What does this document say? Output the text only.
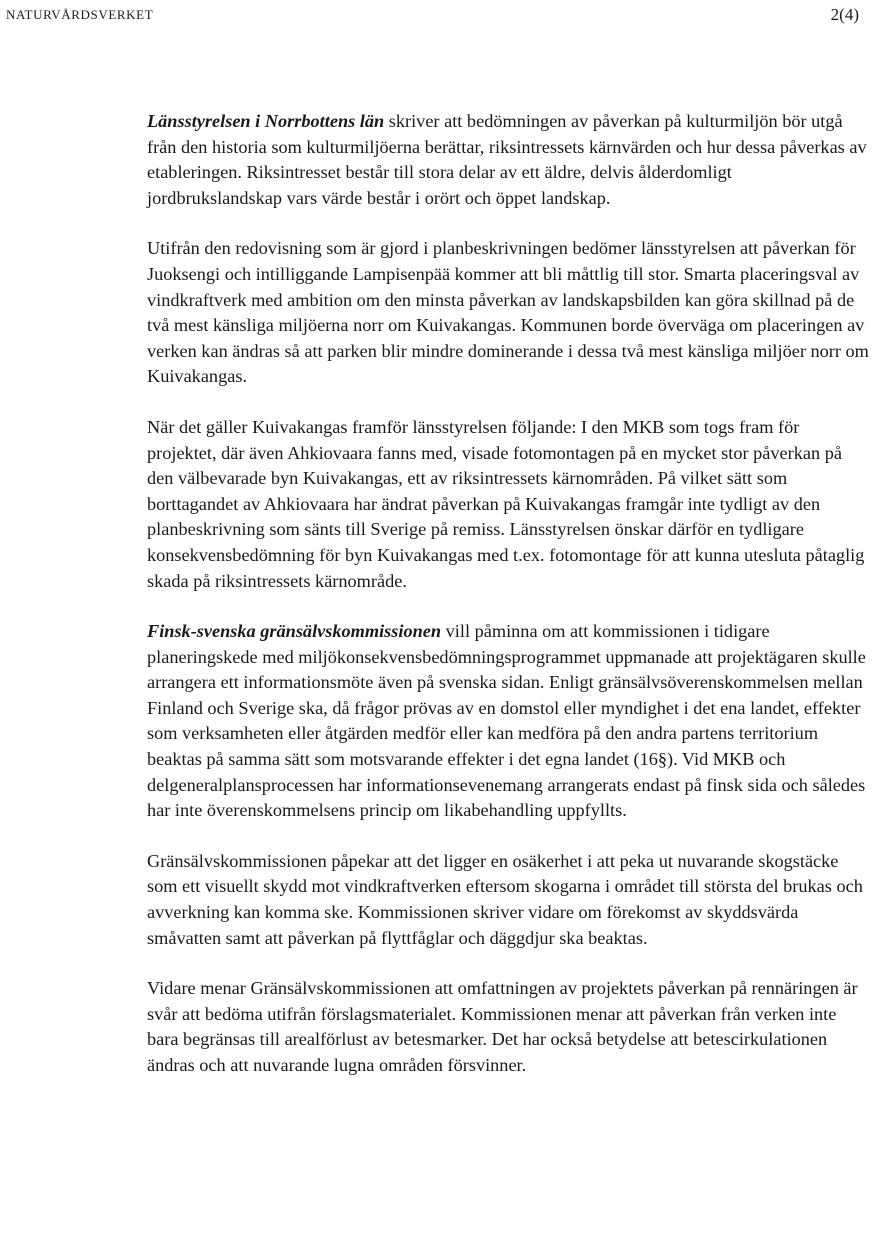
NATURVÅRDSVERKET	2(4)

Länsstyrelsen i Norrbottens län skriver att bedömningen av påverkan på kulturmiljön bör utgå från den historia som kulturmiljöerna berättar, riksintressets kärnvärden och hur dessa påverkas av etableringen. Riksintresset består till stora delar av ett äldre, delvis ålderdomligt jordbrukslandskap vars värde består i orört och öppet landskap.

Utifrån den redovisning som är gjord i planbeskrivningen bedömer länsstyrelsen att påverkan för Juoksengi och intilliggande Lampisenpää kommer att bli måttlig till stor. Smarta placeringsval av vindkraftverk med ambition om den minsta påverkan av landskapsbilden kan göra skillnad på de två mest känsliga miljöerna norr om Kuivakangas. Kommunen borde överväga om placeringen av verken kan ändras så att parken blir mindre dominerande i dessa två mest känsliga miljöer norr om Kuivakangas.

När det gäller Kuivakangas framför länsstyrelsen följande: I den MKB som togs fram för projektet, där även Ahkiovaara fanns med, visade fotomontagen på en mycket stor påverkan på den välbevarade byn Kuivakangas, ett av riksintressets kärnområden. På vilket sätt som borttagandet av Ahkiovaara har ändrat påverkan på Kuivakangas framgår inte tydligt av den planbeskrivning som sänts till Sverige på remiss. Länsstyrelsen önskar därför en tydligare konsekvensbedömning för byn Kuivakangas med t.ex. fotomontage för att kunna utesluta påtaglig skada på riksintressets kärnområde.

Finsk-svenska gränsälvskommissionen vill påminna om att kommissionen i tidigare planeringskede med miljökonsekvensbedömningsprogrammet uppmanade att projektägaren skulle arrangera ett informationsmöte även på svenska sidan. Enligt gränsälvsöverenskommelsen mellan Finland och Sverige ska, då frågor prövas av en domstol eller myndighet i det ena landet, effekter som verksamheten eller åtgärden medför eller kan medföra på den andra partens territorium beaktas på samma sätt som motsvarande effekter i det egna landet (16§). Vid MKB och delgeneralplansprocessen har informationsevenemang arrangerats endast på finsk sida och således har inte överenskommelsens princip om likabehandling uppfyllts.

Gränsälvskommissionen påpekar att det ligger en osäkerhet i att peka ut nuvarande skogstäcke som ett visuellt skydd mot vindkraftverken eftersom skogarna i området till största del brukas och avverkning kan komma ske. Kommissionen skriver vidare om förekomst av skyddsvärda småvatten samt att påverkan på flyttfåglar och däggdjur ska beaktas.

Vidare menar Gränsälvskommissionen att omfattningen av projektets påverkan på rennäringen är svår att bedöma utifrån förslagsmaterialet. Kommissionen menar att påverkan från verken inte bara begränsas till arealförlust av betesmarker. Det har också betydelse att betescirkulationen ändras och att nuvarande lugna områden försvinner.
